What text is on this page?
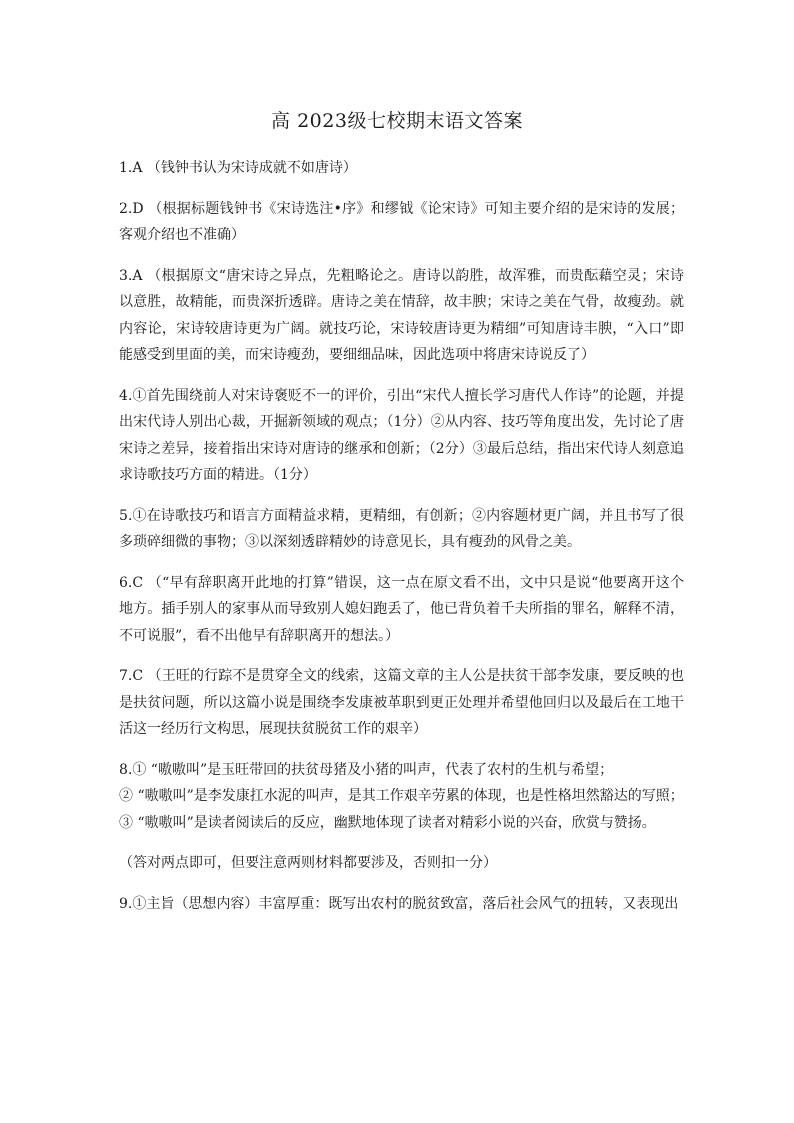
高 2023级七校期末语文答案

1.A （钱钟书认为宋诗成就不如唐诗）

2.D （根据标题钱钟书《宋诗选注•序》和缪钺《论宋诗》可知主要介绍的是宋诗的发展；客观介绍也不准确）

3.A （根据原文“唐宋诗之异点，先粗略论之。唐诗以韵胜，故浑雅，而贵酝藉空灵；宋诗以意胜，故精能，而贵深折透辟。唐诗之美在情辞，故丰腴；宋诗之美在气骨，故瘦劲。就内容论，宋诗较唐诗更为广阔。就技巧论，宋诗较唐诗更为精细”可知唐诗丰腴，“入口”即能感受到里面的美，而宋诗瘦劲，要细细品味，因此选项中将唐宋诗说反了）

4.①首先围绕前人对宋诗褒贬不一的评价，引出“宋代人擅长学习唐代人作诗”的论题，并提出宋代诗人别出心裁，开掘新领域的观点；（1分）②从内容、技巧等角度出发，先讨论了唐宋诗之差异，接着指出宋诗对唐诗的继承和创新；（2分）③最后总结，指出宋代诗人刻意追求诗歌技巧方面的精进。（1分）

5.①在诗歌技巧和语言方面精益求精，更精细，有创新；②内容题材更广阔，并且书写了很多琐碎细微的事物；③以深刻透辟精妙的诗意见长，具有瘦劲的风骨之美。

6.C （“早有辞职离开此地的打算”错误，这一点在原文看不出，文中只是说“他要离开这个地方。插手别人的家事从而导致别人媳妇跑丢了，他已背负着千夫所指的罪名，解释不清，不可说服”，看不出他早有辞职离开的想法。）

7.C （王旺的行踪不是贯穿全文的线索，这篇文章的主人公是扶贫干部李发康，要反映的也是扶贫问题，所以这篇小说是围绕李发康被革职到更正处理并希望他回归以及最后在工地干活这一经历行文构思，展现扶贫脱贫工作的艰辛）

8.① “嗷嗷叫”是玉旺带回的扶贫母猪及小猪的叫声，代表了农村的生机与希望；

② “嗷嗷叫”是李发康扛水泥的叫声，是其工作艰辛劳累的体现，也是性格坦然豁达的写照；

③ “嗷嗷叫”是读者阅读后的反应，幽默地体现了读者对精彩小说的兴奋，欣赏与赞扬。

（答对两点即可，但要注意两则材料都要涉及，否则扣一分）

9.①主旨（思想内容）丰富厚重：既写出农村的脱贫致富，落后社会风气的扭转，又表现出
